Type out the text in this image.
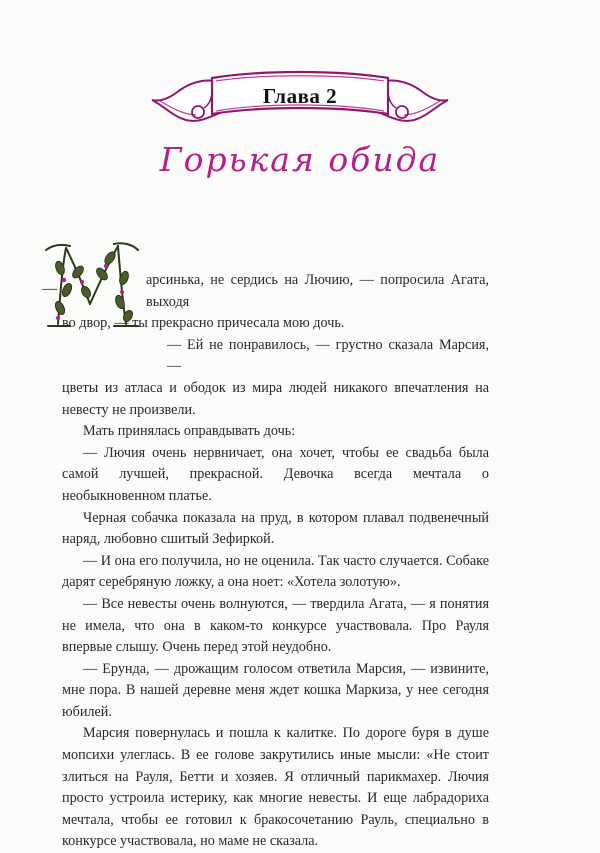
Глава 2
Горькая обида
—

арсинька, не сердись на Лючию, — попросила Агата, выходя

во двор, — ты прекрасно причесала мою дочь.

— Ей не понравилось, — грустно сказала Марсия, —

цветы из атласа и ободок из мира людей никакого впечатления на невесту не произвели.

Мать принялась оправдывать дочь:

— Лючия очень нервничает, она хочет, чтобы ее свадьба была самой лучшей, прекрасной. Девочка всегда мечтала о необыкновенном платье.

Черная собачка показала на пруд, в котором плавал подвенечный наряд, любовно сшитый Зефиркой.

— И она его получила, но не оценила. Так часто случается. Собаке дарят серебряную ложку, а она ноет: «Хотела золотую».

— Все невесты очень волнуются, — твердила Агата, — я понятия не имела, что она в каком-то конкурсе участвовала. Про Рауля впервые слышу. Очень перед этой неудобно.

— Ерунда, — дрожащим голосом ответила Марсия, — извините, мне пора. В нашей деревне меня ждет кошка Маркиза, у нее сегодня юбилей.

Марсия повернулась и пошла к калитке. По дороге буря в душе мопсихи улеглась. В ее голове закрутились иные мысли: «Не стоит злиться на Рауля, Бетти и хозяев. Я отличный парикмахер. Лючия просто устроила истерику, как многие невесты. И еще лабрадориха мечтала, чтобы ее готовил к бракосочетанию Рауль, специально в конкурсе участвовала, но маме не сказала.
